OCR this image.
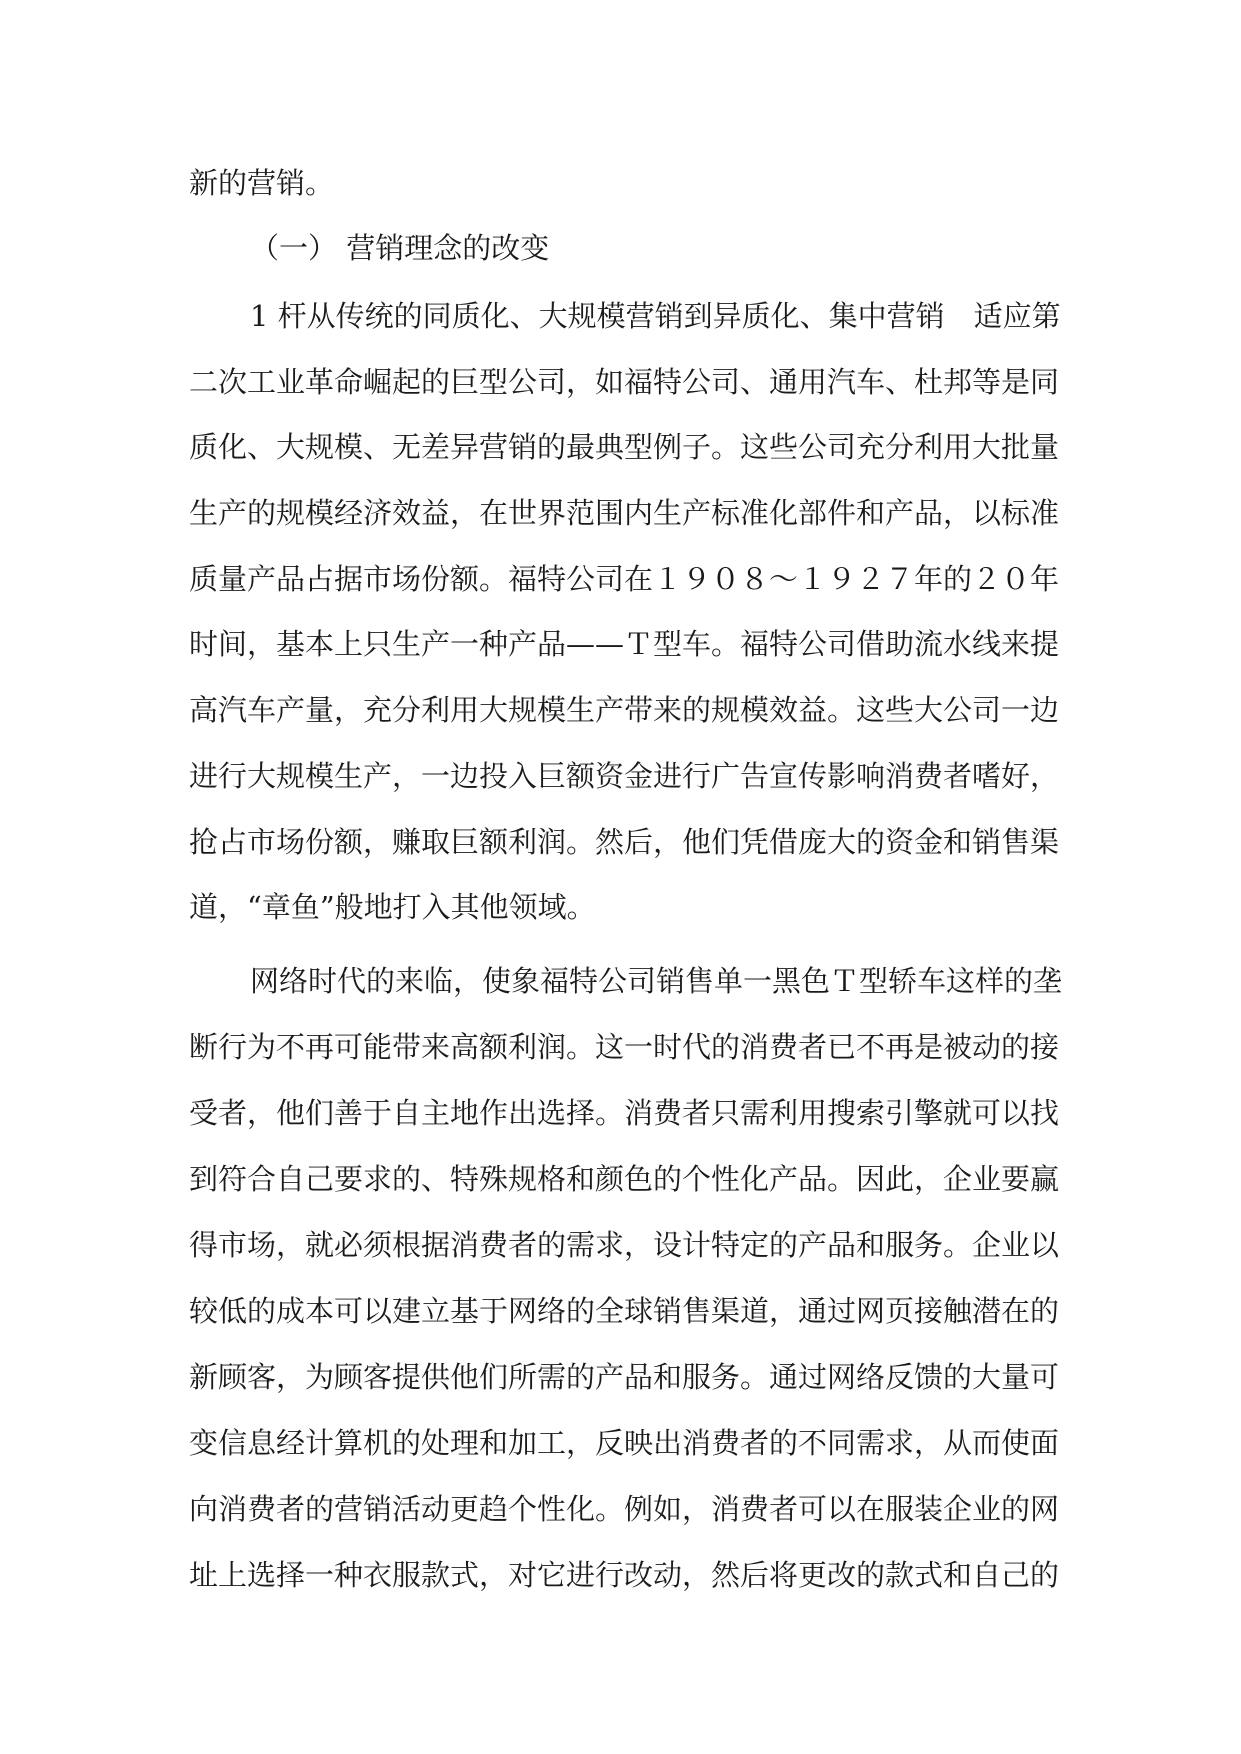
新的营销。

（一） 营销理念的改变

1 杆从传统的同质化、大规模营销到异质化、集中营销　适应第

二次工业革命崛起的巨型公司，如福特公司、通用汽车、杜邦等是同

质化、大规模、无差异营销的最典型例子。这些公司充分利用大批量

生产的规模经济效益，在世界范围内生产标准化部件和产品，以标准

质量产品占据市场份额。福特公司在１９０８～１９２７年的２０年

时间，基本上只生产一种产品——Ｔ型车。福特公司借助流水线来提

高汽车产量，充分利用大规模生产带来的规模效益。这些大公司一边

进行大规模生产，一边投入巨额资金进行广告宣传影响消费者嗜好，

抢占市场份额，赚取巨额利润。然后，他们凭借庞大的资金和销售渠

道，“章鱼”般地打入其他领域。

网络时代的来临，使象福特公司销售单一黑色Ｔ型轿车这样的垄

断行为不再可能带来高额利润。这一时代的消费者已不再是被动的接

受者，他们善于自主地作出选择。消费者只需利用搜索引擎就可以找

到符合自己要求的、特殊规格和颜色的个性化产品。因此，企业要赢

得市场，就必须根据消费者的需求，设计特定的产品和服务。企业以

较低的成本可以建立基于网络的全球销售渠道，通过网页接触潜在的

新顾客，为顾客提供他们所需的产品和服务。通过网络反馈的大量可

变信息经计算机的处理和加工，反映出消费者的不同需求，从而使面

向消费者的营销活动更趋个性化。例如，消费者可以在服装企业的网

址上选择一种衣服款式，对它进行改动，然后将更改的款式和自己的
